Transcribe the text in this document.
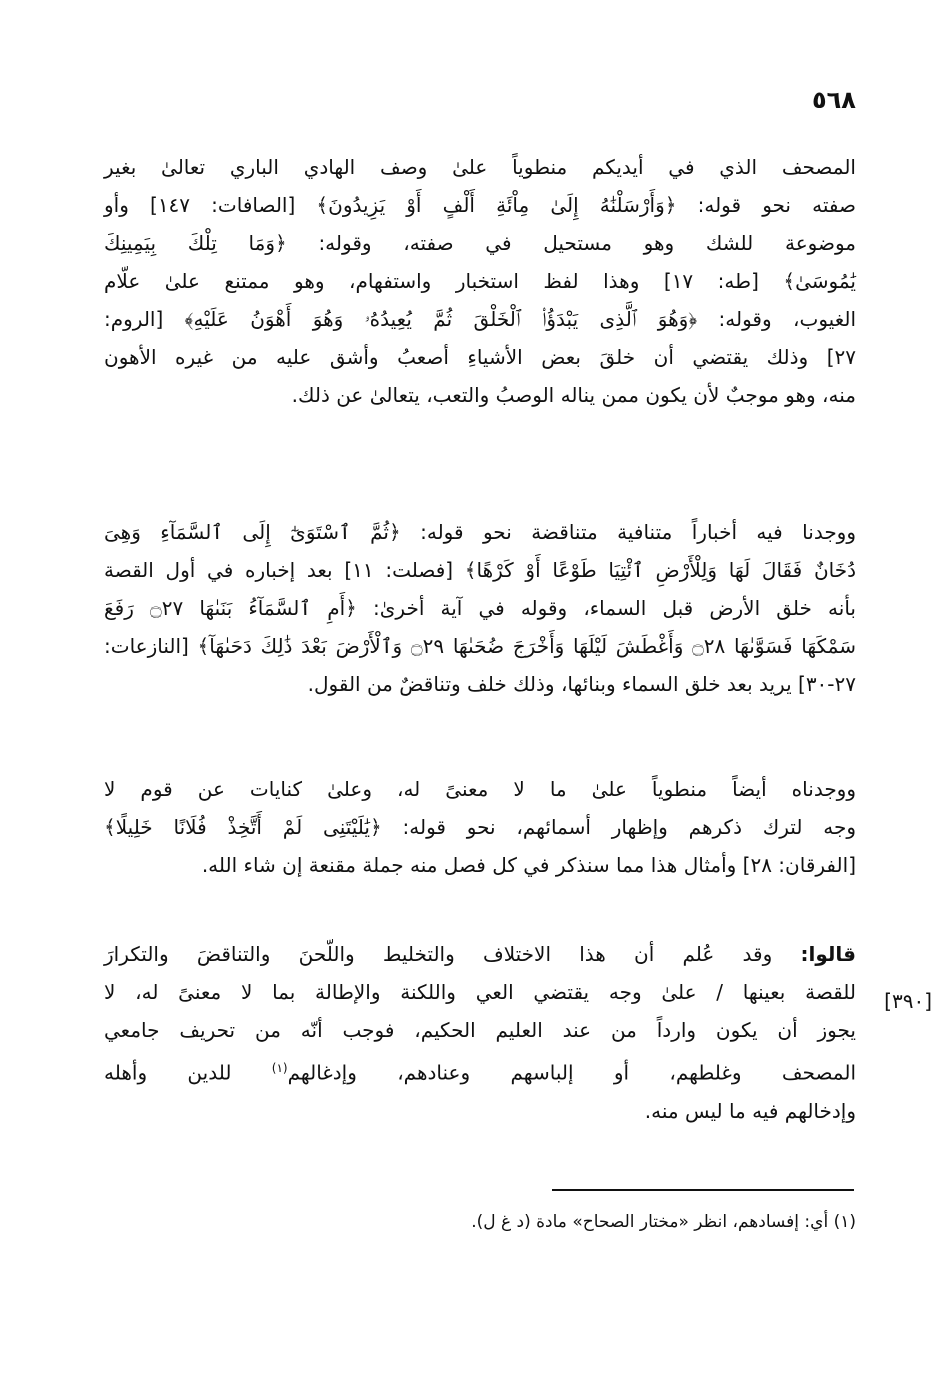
٥٦٨
المصحف الذي في أيديكم منطوياً علىٰ وصف الهادي الباري تعالىٰ بغير
صفته نحو قوله: ﴿وَأَرْسَلْنَٰهُ إِلَىٰ مِاْئَةِ أَلْفٍ أَوْ يَزِيدُونَ﴾ [الصافات: ١٤٧] وأو
موضوعة للشك وهو مستحيل في صفته، وقوله: ﴿وَمَا تِلْكَ بِيَمِينِكَ
يَٰمُوسَىٰ﴾ [طه: ١٧] وهذا لفظ استخبار واستفهام، وهو ممتنع علىٰ علّام
الغيوب، وقوله: ﴿وَهُوَ ٱلَّذِى يَبْدَؤُا۟ ٱلْخَلْقَ ثُمَّ يُعِيدُهُۥ وَهُوَ أَهْوَنُ عَلَيْهِ﴾ [الروم:
٢٧] وذلك يقتضي أن خلقَ بعض الأشياءِ أصعبُ وأشق عليه من غيره الأهون
منه، وهو موجبٌ لأن يكون ممن يناله الوصبُ والتعب، يتعالىٰ عن ذلك.
ووجدنا فيه أخباراً متنافية متناقضة نحو قوله: ﴿ثُمَّ ٱسْتَوَىٰٓ إِلَى ٱلسَّمَآءِ وَهِىَ
دُخَانٌ فَقَالَ لَهَا وَلِلْأَرْضِ ٱئْتِيَا طَوْعًا أَوْ كَرْهًا﴾ [فصلت: ١١] بعد إخباره في أول القصة
بأنه خلق الأرض قبل السماء، وقوله في آية أخرىٰ: ﴿أَمِ ٱلسَّمَآءُ بَنَىٰهَا ۝٢٧ رَفَعَ
سَمْكَهَا فَسَوَّىٰهَا ۝٢٨ وَأَغْطَشَ لَيْلَهَا وَأَخْرَجَ ضُحَىٰهَا ۝٢٩ وَٱلْأَرْضَ بَعْدَ ذَٰلِكَ دَحَىٰهَآ﴾ [النازعات:
٢٧-٣٠] يريد بعد خلق السماء وبنائها، وذلك خلف وتناقضٌ من القول.
ووجدناه أيضاً منطوياً علىٰ ما لا معنىً له، وعلىٰ كنايات عن قوم لا
وجه لترك ذكرهم وإظهار أسمائهم، نحو قوله: ﴿يَٰلَيْتَنِى لَمْ أَتَّخِذْ فُلَانًا خَلِيلًا﴾
[الفرقان: ٢٨] وأمثال هذا مما سنذكر في كل فصل منه جملة مقنعة إن شاء الله.
قالوا: وقد عُلم أن هذا الاختلاف والتخليط واللّحنَ والتناقضَ والتكرارَ
للقصة بعينها / علىٰ وجه يقتضي العي واللكنة والإطالة بما لا معنىً له، لا
يجوز أن يكون وارداً من عند العليم الحكيم، فوجب أنّه من تحريف جامعي
المصحف وغلطهم، أو إلباسهم وعنادهم، وإدغالهم$^{(١)}$ للدين وأهله
وإدخالهم فيه ما ليس منه.
[٣٩٠]
(١) أي: إفسادهم، انظر «مختار الصحاح» مادة (د غ ل).
